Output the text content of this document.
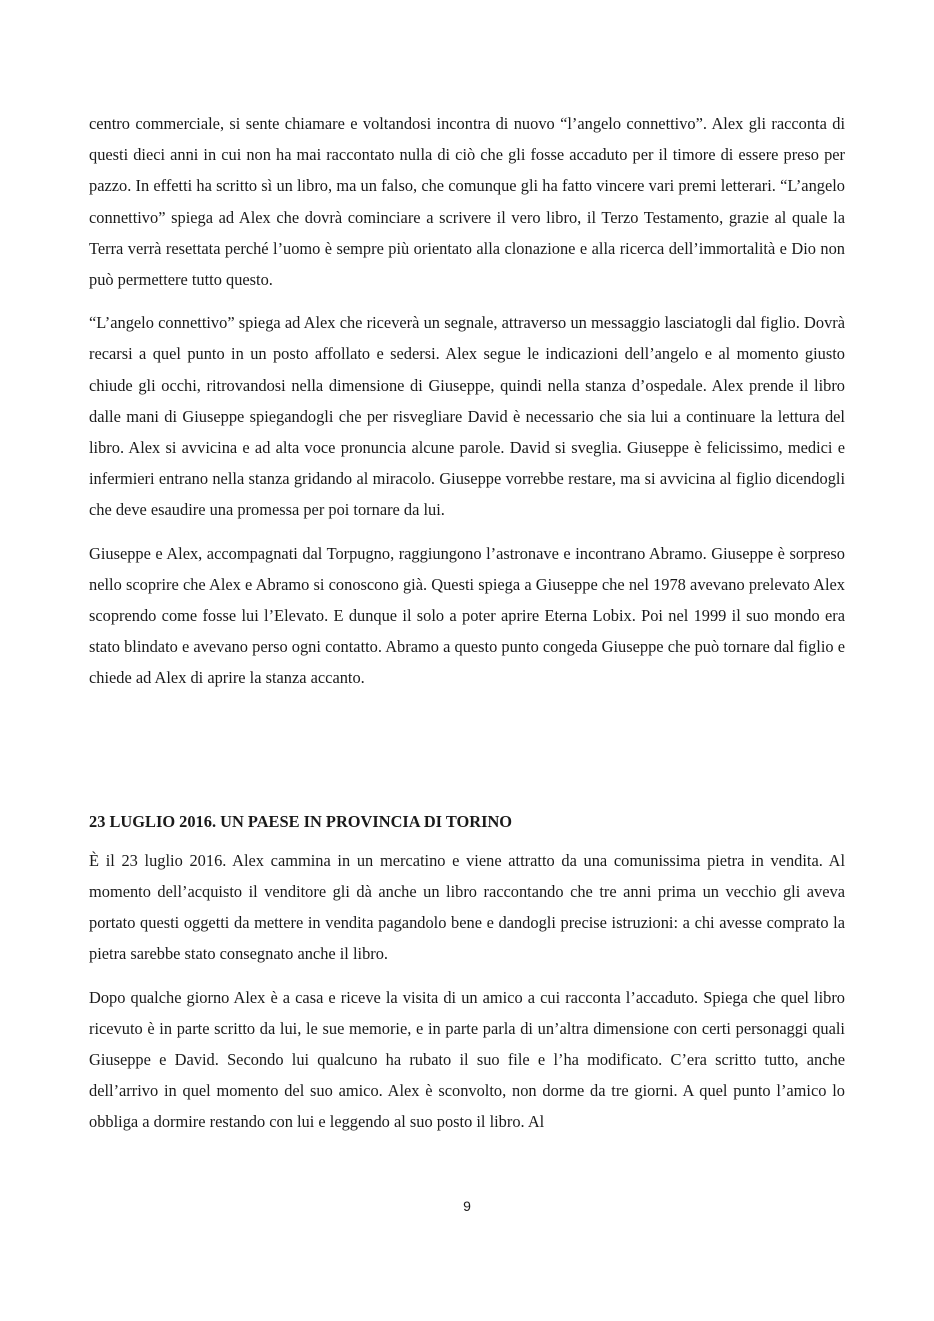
centro commerciale, si sente chiamare e voltandosi incontra di nuovo “l’angelo connettivo”. Alex gli racconta di questi dieci anni in cui non ha mai raccontato nulla di ciò che gli fosse accaduto per il timore di essere preso per pazzo. In effetti ha scritto sì un libro, ma un falso, che comunque gli ha fatto vincere vari premi letterari. “L’angelo connettivo” spiega ad Alex che dovrà cominciare a scrivere il vero libro, il Terzo Testamento, grazie al quale la Terra verrà resettata perché l’uomo è sempre più orientato alla clonazione e alla ricerca dell’immortalità e Dio non può permettere tutto questo.

“L’angelo connettivo” spiega ad Alex che riceverà un segnale, attraverso un messaggio lasciatogli dal figlio. Dovrà recarsi a quel punto in un posto affollato e sedersi. Alex segue le indicazioni dell’angelo e al momento giusto chiude gli occhi, ritrovandosi nella dimensione di Giuseppe, quindi nella stanza d’ospedale. Alex prende il libro dalle mani di Giuseppe spiegandogli che per risvegliare David è necessario che sia lui a continuare la lettura del libro. Alex si avvicina e ad alta voce pronuncia alcune parole. David si sveglia. Giuseppe è felicissimo, medici e infermieri entrano nella stanza gridando al miracolo. Giuseppe vorrebbe restare, ma si avvicina al figlio dicendogli che deve esaudire una promessa per poi tornare da lui.

Giuseppe e Alex, accompagnati dal Torpugno, raggiungono l’astronave e incontrano Abramo. Giuseppe è sorpreso nello scoprire che Alex e Abramo si conoscono già. Questi spiega a Giuseppe che nel 1978 avevano prelevato Alex scoprendo come fosse lui l’Elevato. E dunque il solo a poter aprire Eterna Lobix. Poi nel 1999 il suo mondo era stato blindato e avevano perso ogni contatto. Abramo a questo punto congeda Giuseppe che può tornare dal figlio e chiede ad Alex di aprire la stanza accanto.

23 LUGLIO 2016. UN PAESE IN PROVINCIA DI TORINO

È il 23 luglio 2016. Alex cammina in un mercatino e viene attratto da una comunissima pietra in vendita. Al momento dell’acquisto il venditore gli dà anche un libro raccontando che tre anni prima un vecchio gli aveva portato questi oggetti da mettere in vendita pagandolo bene e dandogli precise istruzioni: a chi avesse comprato la pietra sarebbe stato consegnato anche il libro.

Dopo qualche giorno Alex è a casa e riceve la visita di un amico a cui racconta l’accaduto. Spiega che quel libro ricevuto è in parte scritto da lui, le sue memorie, e in parte parla di un’altra dimensione con certi personaggi quali Giuseppe e David. Secondo lui qualcuno ha rubato il suo file e l’ha modificato. C’era scritto tutto, anche dell’arrivo in quel momento del suo amico. Alex è sconvolto, non dorme da tre giorni. A quel punto l’amico lo obbliga a dormire restando con lui e leggendo al suo posto il libro. Al

9
